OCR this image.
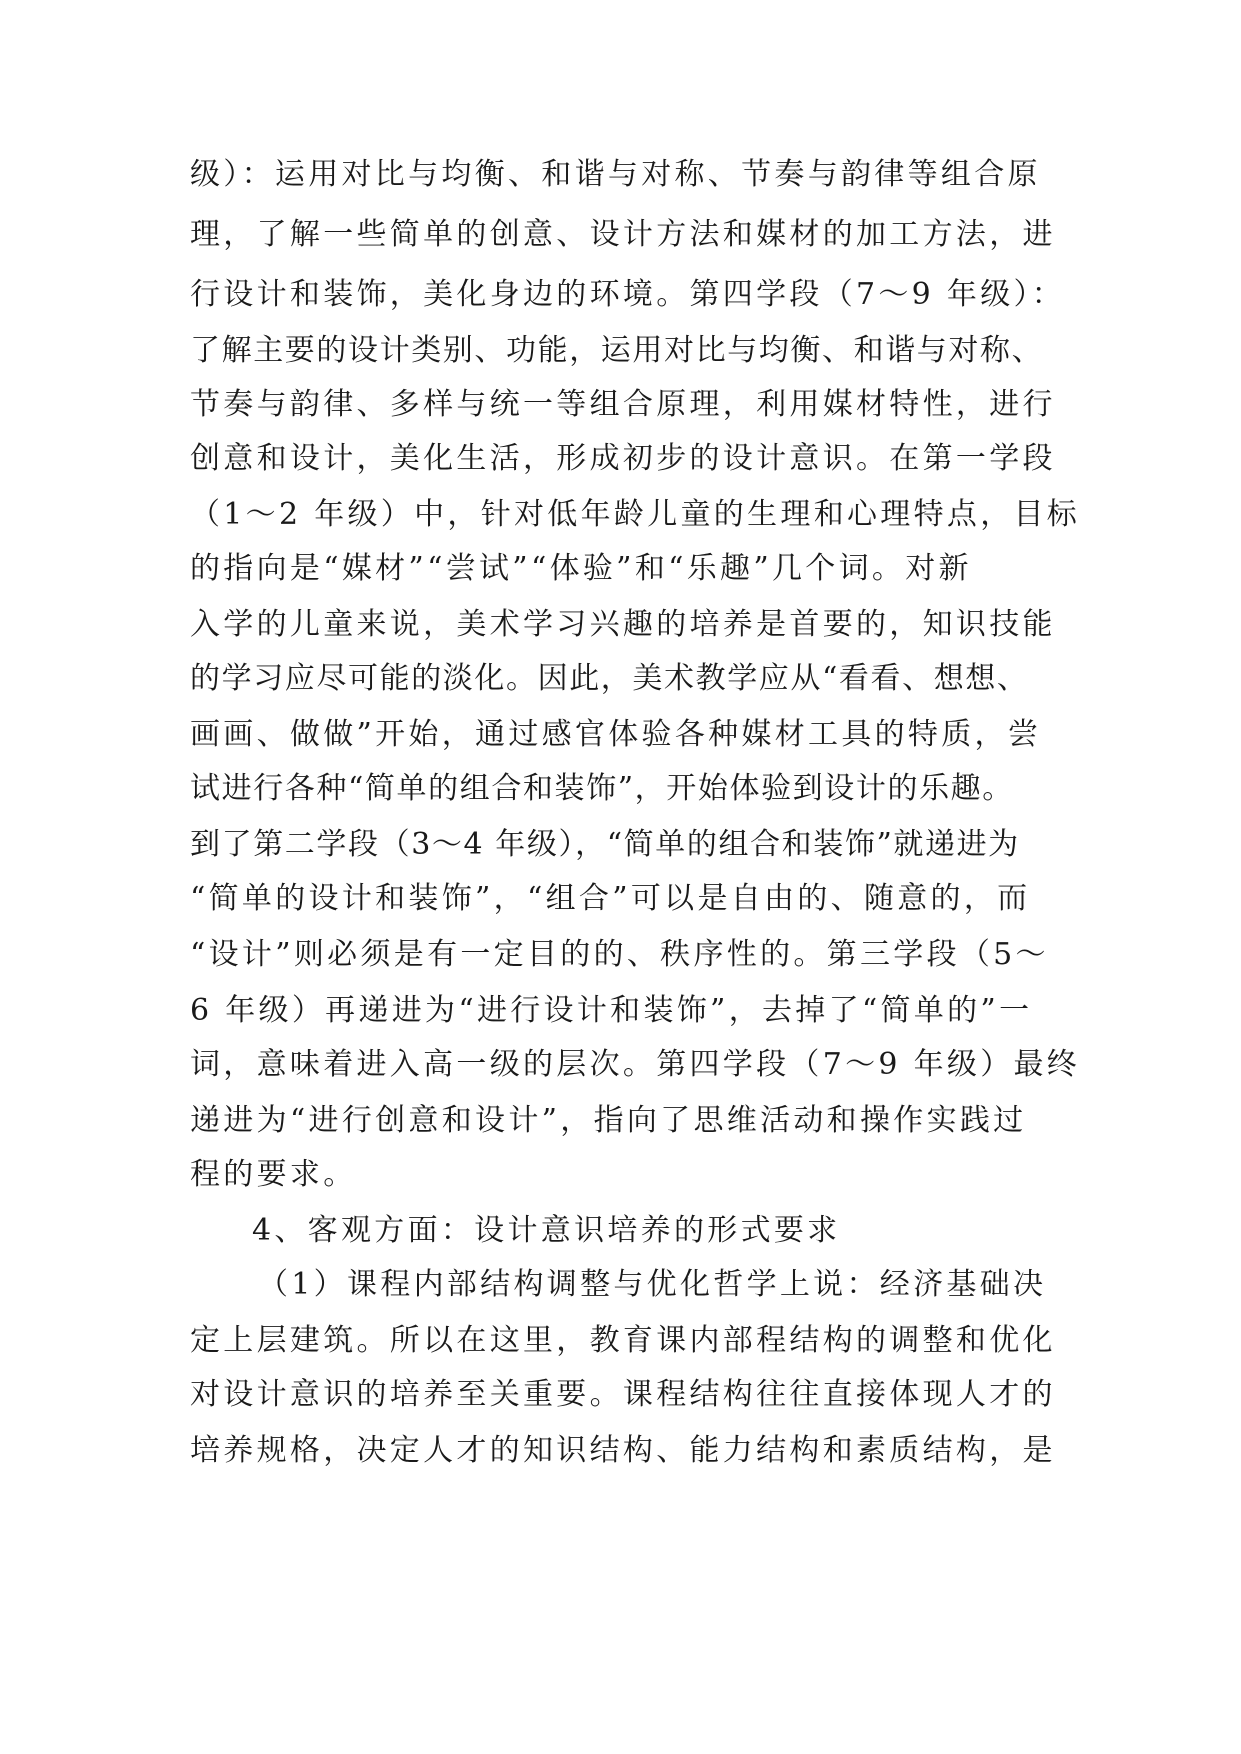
级）：运用对比与均衡、和谐与对称、节奏与韵律等组合原
理，了解一些简单的创意、设计方法和媒材的加工方法，进
行设计和装饰，美化身边的环境。第四学段（7～9 年级）：
了解主要的设计类别、功能，运用对比与均衡、和谐与对称、
节奏与韵律、多样与统一等组合原理，利用媒材特性，进行
创意和设计，美化生活，形成初步的设计意识。在第一学段
（1～2 年级）中，针对低年龄儿童的生理和心理特点，目标
的指向是“媒材”“尝试”“体验”和“乐趣”几个词。对新
入学的儿童来说，美术学习兴趣的培养是首要的，知识技能
的学习应尽可能的淡化。因此，美术教学应从“看看、想想、
画画、做做”开始，通过感官体验各种媒材工具的特质，尝
试进行各种“简单的组合和装饰”，开始体验到设计的乐趣。
到了第二学段（3～4 年级），“简单的组合和装饰”就递进为
“简单的设计和装饰”，“组合”可以是自由的、随意的，而
“设计”则必须是有一定目的的、秩序性的。第三学段（5～
6 年级）再递进为“进行设计和装饰”，去掉了“简单的”一
词，意味着进入高一级的层次。第四学段（7～9 年级）最终
递进为“进行创意和设计”，指向了思维活动和操作实践过
程的要求。
4、客观方面：设计意识培养的形式要求
（1）课程内部结构调整与优化哲学上说：经济基础决
定上层建筑。所以在这里，教育课内部程结构的调整和优化
对设计意识的培养至关重要。课程结构往往直接体现人才的
培养规格，决定人才的知识结构、能力结构和素质结构，是
